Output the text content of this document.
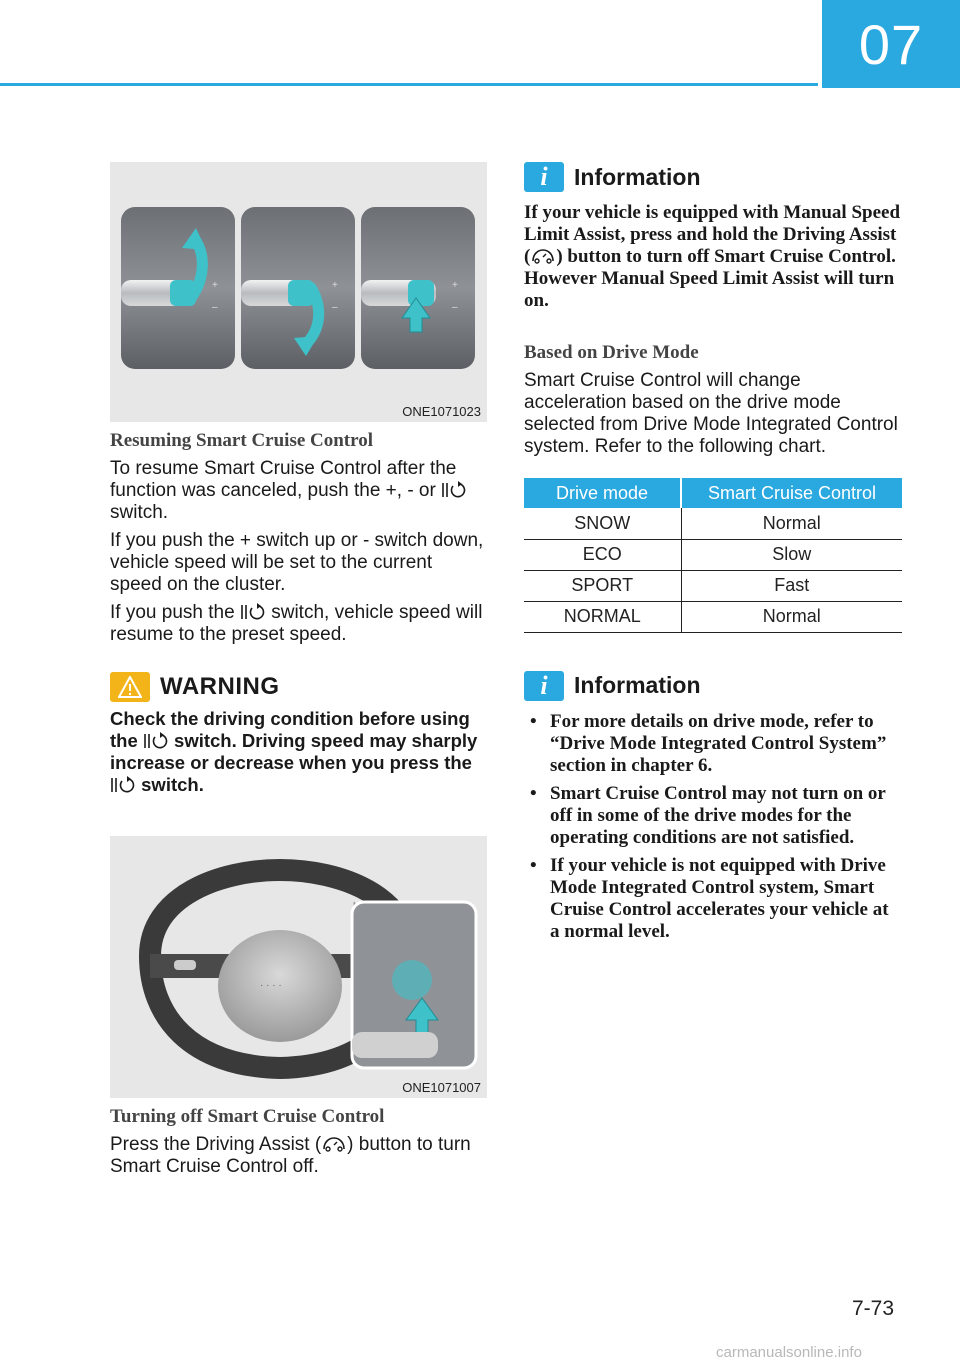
07
+
–
+
–
+
–
ONE1071023
Resuming Smart Cruise Control

To resume Smart Cruise Control after the function was canceled, push the +, - or  switch.

If you push the + switch up or - switch down, vehicle speed will be set to the current speed on the cluster.

If you push the switch, vehicle speed will resume to the preset speed.

WARNING
Check the driving condition before using the switch. Driving speed may sharply increase or decrease when you press the  switch.
· · · ·
ONE1071007
Turning off Smart Cruise Control

Press the Driving Assist ( ) button to turn Smart Cruise Control off.

i	Information
If your vehicle is equipped with Manual Speed Limit Assist, press and hold the Driving Assist ( ) button to turn off Smart Cruise Control. However Manual Speed Limit Assist will turn on.
Based on Drive Mode
Smart Cruise Control will change acceleration based on the drive mode selected from Drive Mode Integrated Control system. Refer to the following chart.
Drive mode	Smart Cruise Control
SNOW	Normal
ECO	Slow
SPORT	Fast
NORMAL	Normal
i	Information
• For more details on drive mode, refer to “Drive Mode Integrated Control System” section in chapter 6.
• Smart Cruise Control may not turn on or off in some of the drive modes for the operating conditions are not satisfied.
• If your vehicle is not equipped with Drive Mode Integrated Control system, Smart Cruise Control accelerates your vehicle at a normal level.
7-73
carmanualsonline.info
